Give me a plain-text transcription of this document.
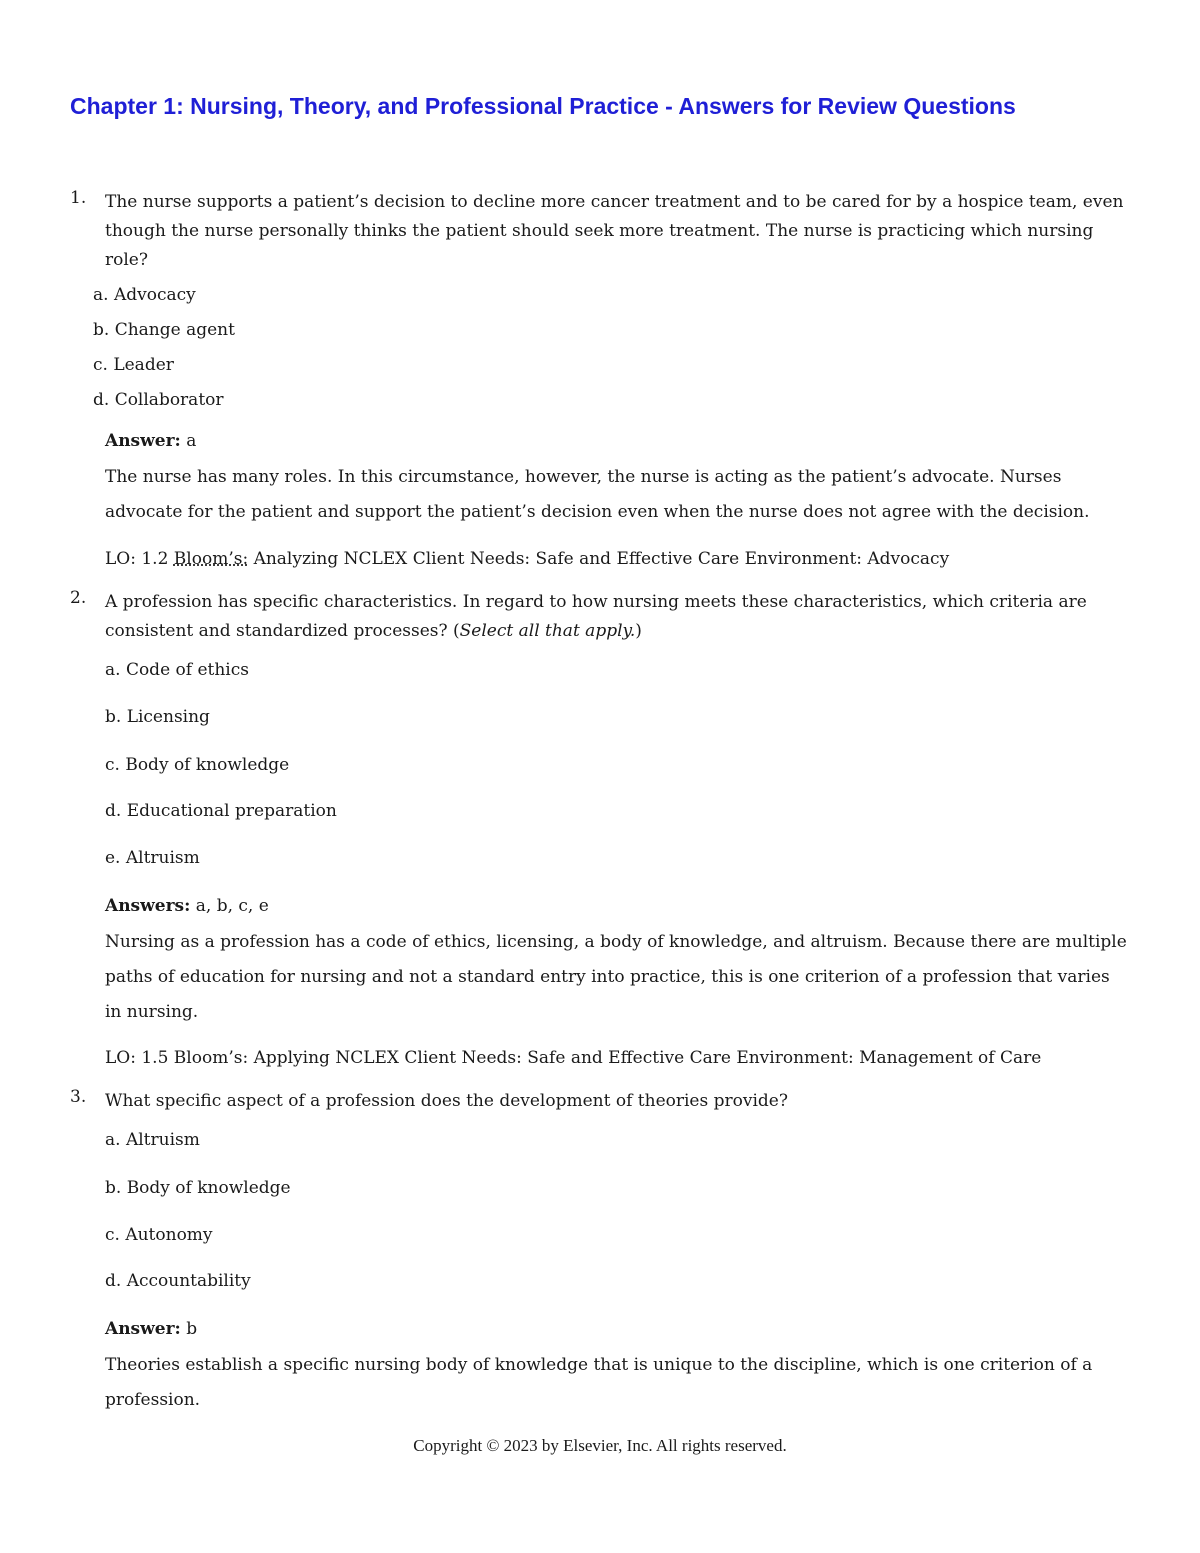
Chapter 1: Nursing, Theory, and Professional Practice - Answers for Review Questions
1. The nurse supports a patient’s decision to decline more cancer treatment and to be cared for by a hospice team, even though the nurse personally thinks the patient should seek more treatment. The nurse is practicing which nursing role?
a. Advocacy
b. Change agent
c. Leader
d. Collaborator
Answer: a
The nurse has many roles. In this circumstance, however, the nurse is acting as the patient’s advocate. Nurses advocate for the patient and support the patient’s decision even when the nurse does not agree with the decision.
LO: 1.2 Bloom’s: Analyzing NCLEX Client Needs: Safe and Effective Care Environment: Advocacy
2. A profession has specific characteristics. In regard to how nursing meets these characteristics, which criteria are consistent and standardized processes? (Select all that apply.)
a. Code of ethics
b. Licensing
c. Body of knowledge
d. Educational preparation
e. Altruism
Answers: a, b, c, e
Nursing as a profession has a code of ethics, licensing, a body of knowledge, and altruism. Because there are multiple paths of education for nursing and not a standard entry into practice, this is one criterion of a profession that varies in nursing.
LO: 1.5 Bloom’s: Applying NCLEX Client Needs: Safe and Effective Care Environment: Management of Care
3. What specific aspect of a profession does the development of theories provide?
a. Altruism
b. Body of knowledge
c. Autonomy
d. Accountability
Answer: b
Theories establish a specific nursing body of knowledge that is unique to the discipline, which is one criterion of a profession.
Copyright © 2023 by Elsevier, Inc. All rights reserved.
